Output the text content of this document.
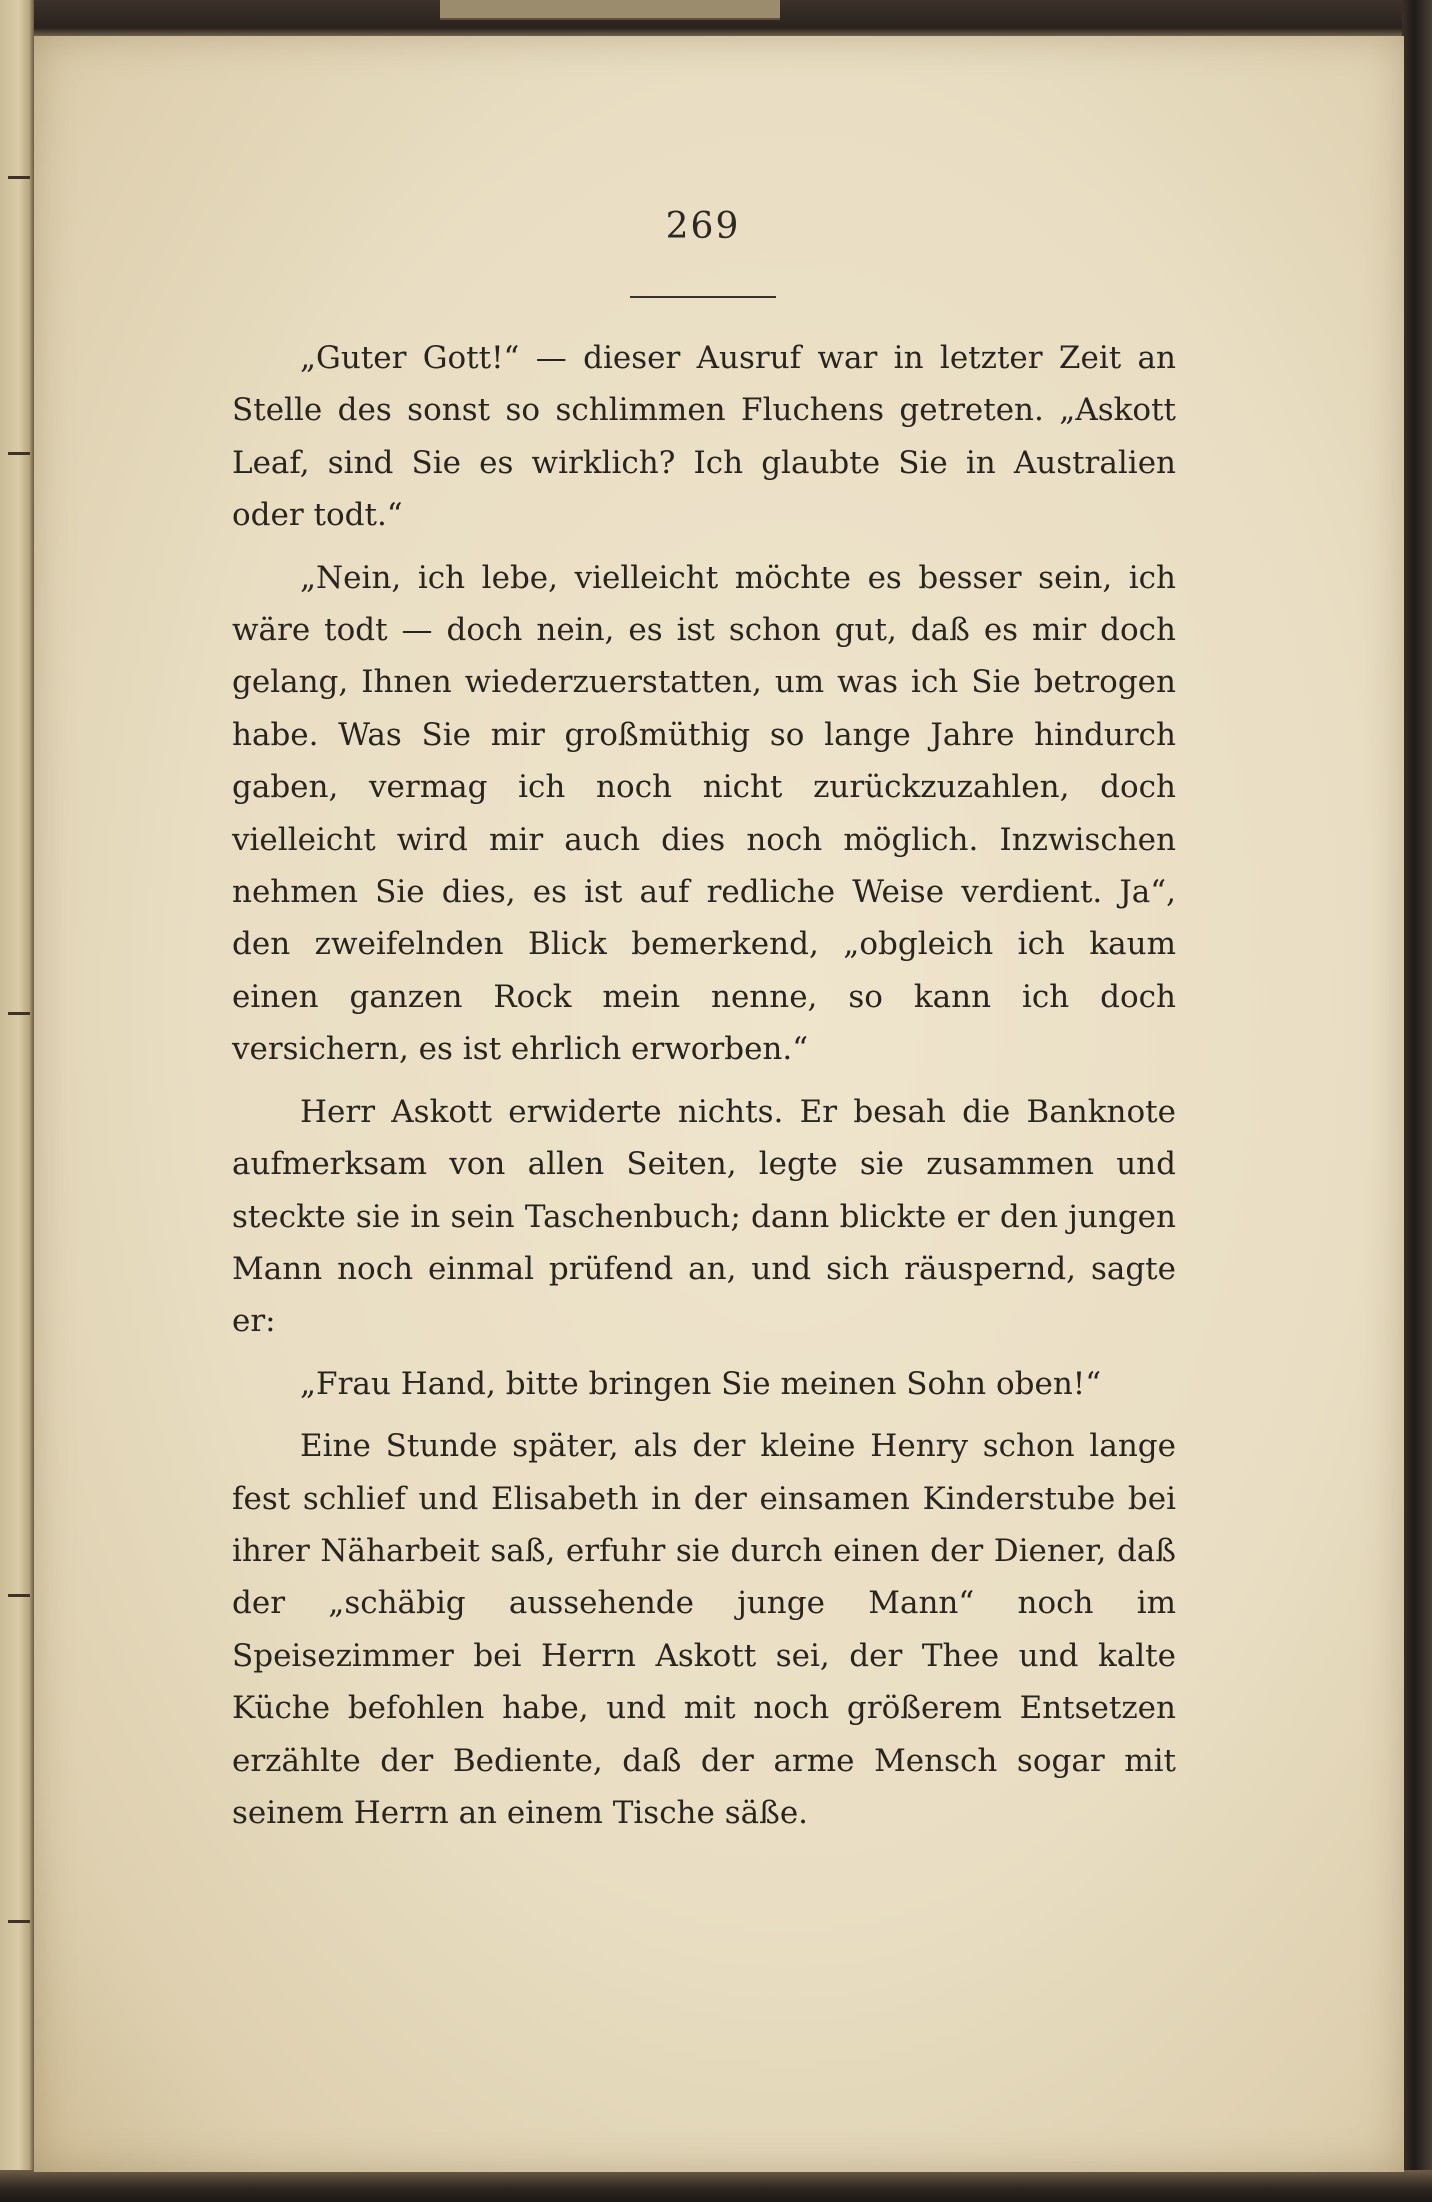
269

„Guter Gott!“ — dieser Ausruf war in letzter Zeit an Stelle des sonst so schlimmen Fluchens getreten. „Askott Leaf, sind Sie es wirklich? Ich glaubte Sie in Australien oder todt.“

„Nein, ich lebe, vielleicht möchte es besser sein, ich wäre todt — doch nein, es ist schon gut, daß es mir doch gelang, Ihnen wiederzuerstatten, um was ich Sie betrogen habe. Was Sie mir großmüthig so lange Jahre hindurch gaben, vermag ich noch nicht zurückzuzahlen, doch vielleicht wird mir auch dies noch möglich. Inzwischen nehmen Sie dies, es ist auf redliche Weise verdient. Ja“, den zweifelnden Blick bemerkend, „obgleich ich kaum einen ganzen Rock mein nenne, so kann ich doch versichern, es ist ehrlich erworben.“

Herr Askott erwiderte nichts. Er besah die Banknote aufmerksam von allen Seiten, legte sie zusammen und steckte sie in sein Taschenbuch; dann blickte er den jungen Mann noch einmal prüfend an, und sich räuspernd, sagte er:

„Frau Hand, bitte bringen Sie meinen Sohn oben!“

Eine Stunde später, als der kleine Henry schon lange fest schlief und Elisabeth in der einsamen Kinderstube bei ihrer Näharbeit saß, erfuhr sie durch einen der Diener, daß der „schäbig aussehende junge Mann“ noch im Speisezimmer bei Herrn Askott sei, der Thee und kalte Küche befohlen habe, und mit noch größerem Entsetzen erzählte der Bediente, daß der arme Mensch sogar mit seinem Herrn an einem Tische säße.
